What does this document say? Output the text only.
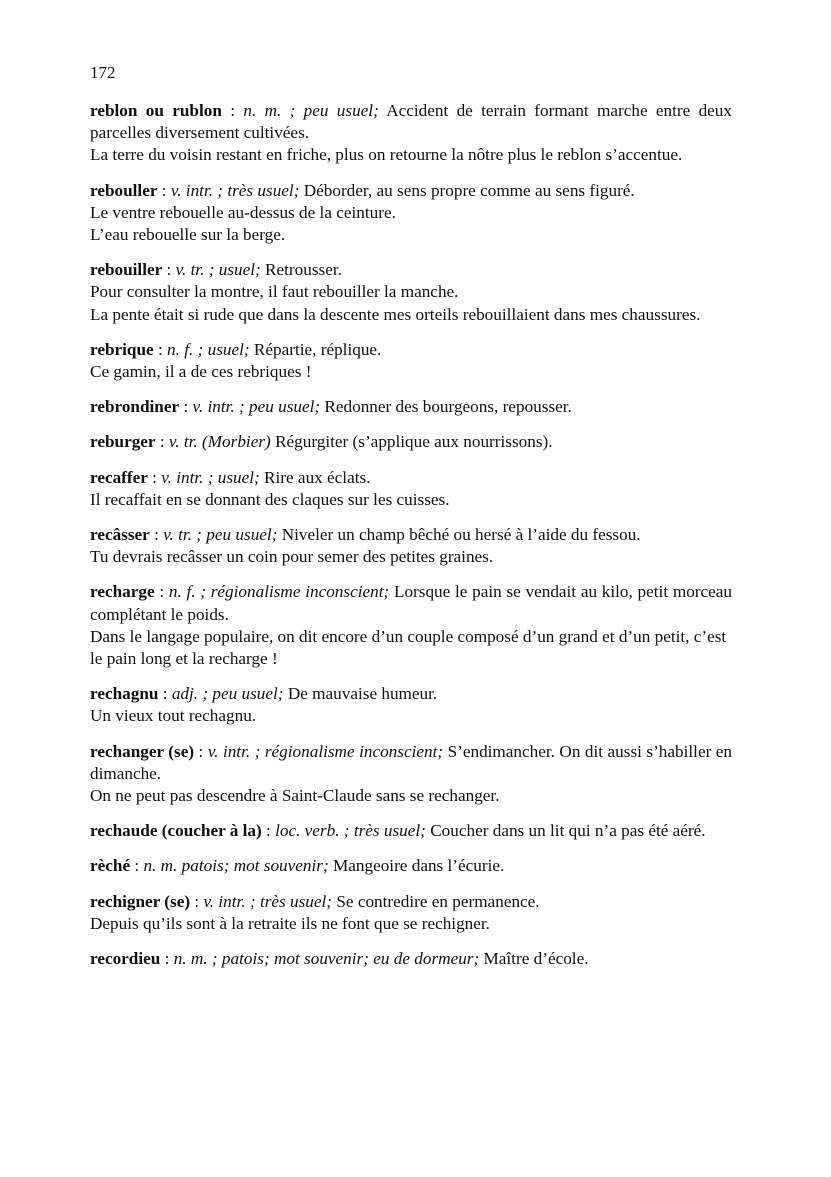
172

reblon ou rublon : n. m. ; peu usuel; Accident de terrain formant marche entre deux parcelles diversement cultivées.

La terre du voisin restant en friche, plus on retourne la nôtre plus le reblon s’accentue.

rebouller : v. intr. ; très usuel; Déborder, au sens propre comme au sens figuré.

Le ventre rebouelle au-dessus de la ceinture.

L’eau rebouelle sur la berge.

rebouiller : v. tr. ; usuel; Retrousser.

Pour consulter la montre, il faut rebouiller la manche.

La pente était si rude que dans la descente mes orteils rebouillaient dans mes chaussures.

rebrique : n. f. ; usuel; Répartie, réplique.

Ce gamin, il a de ces rebriques !

rebrondiner : v. intr. ; peu usuel; Redonner des bourgeons, repousser.

reburger : v. tr. (Morbier) Régurgiter (s’applique aux nourrissons).

recaffer : v. intr. ; usuel; Rire aux éclats.

Il recaffait en se donnant des claques sur les cuisses.

recâsser : v. tr. ; peu usuel; Niveler un champ bêché ou hersé à l’aide du fessou.

Tu devrais recâsser un coin pour semer des petites graines.

recharge : n. f. ; régionalisme inconscient; Lorsque le pain se vendait au kilo, petit morceau complétant le poids.

Dans le langage populaire, on dit encore d’un couple composé d’un grand et d’un petit, c’est le pain long et la recharge !

rechagnu : adj. ; peu usuel; De mauvaise humeur.

Un vieux tout rechagnu.

rechanger (se) : v. intr. ; régionalisme inconscient; S’endimancher. On dit aussi s’habiller en dimanche.

On ne peut pas descendre à Saint-Claude sans se rechanger.

rechaude (coucher à la) : loc. verb. ; très usuel; Coucher dans un lit qui n’a pas été aéré.

rèché : n. m. patois; mot souvenir; Mangeoire dans l’écurie.

rechigner (se) : v. intr. ; très usuel; Se contredire en permanence.

Depuis qu’ils sont à la retraite ils ne font que se rechigner.

recordieu : n. m. ; patois; mot souvenir; eu de dormeur; Maître d’école.
